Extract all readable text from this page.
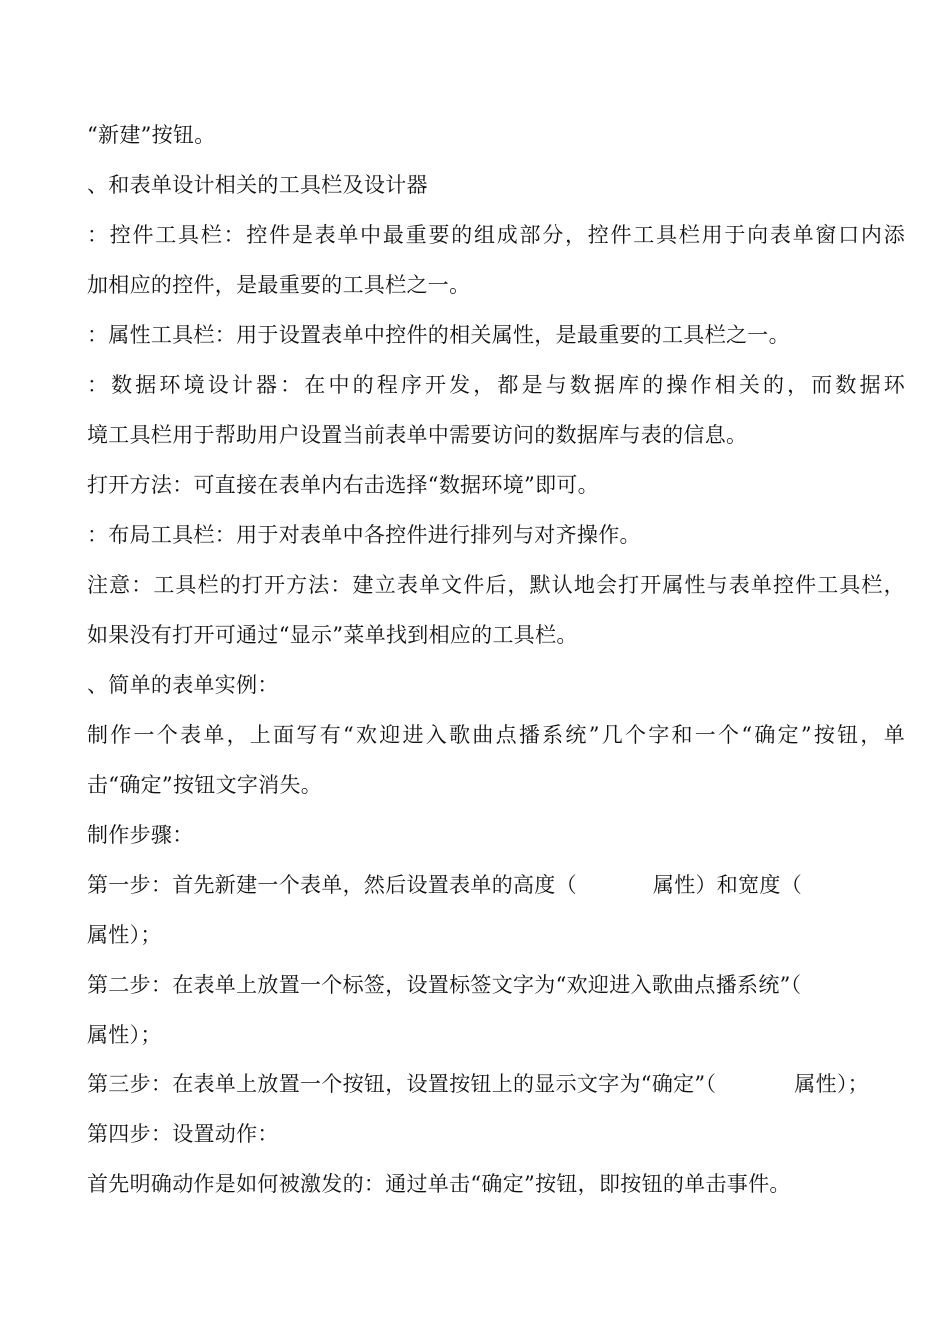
“新建”按钮。
、和表单设计相关的工具栏及设计器
：控件工具栏：控件是表单中最重要的组成部分，控件工具栏用于向表单窗口内添
加相应的控件，是最重要的工具栏之一。
：属性工具栏：用于设置表单中控件的相关属性，是最重要的工具栏之一。
：数据环境设计器：在中的程序开发，都是与数据库的操作相关的，而数据环
境工具栏用于帮助用户设置当前表单中需要访问的数据库与表的信息。
打开方法：可直接在表单内右击选择“数据环境”即可。
：布局工具栏：用于对表单中各控件进行排列与对齐操作。
注意：工具栏的打开方法：建立表单文件后，默认地会打开属性与表单控件工具栏，
如果没有打开可通过“显示”菜单找到相应的工具栏。
、简单的表单实例：
制作一个表单，上面写有“欢迎进入歌曲点播系统”几个字和一个“确定”按钮，单
击“确定”按钮文字消失。
制作步骤：
第一步：首先新建一个表单，然后设置表单的高度（	属性）和宽度（
属性）；
第二步：在表单上放置一个标签，设置标签文字为“欢迎进入歌曲点播系统”（
属性）；
第三步：在表单上放置一个按钮，设置按钮上的显示文字为“确定”（	属性）；
第四步：设置动作：
首先明确动作是如何被激发的：通过单击“确定”按钮，即按钮的单击事件。
